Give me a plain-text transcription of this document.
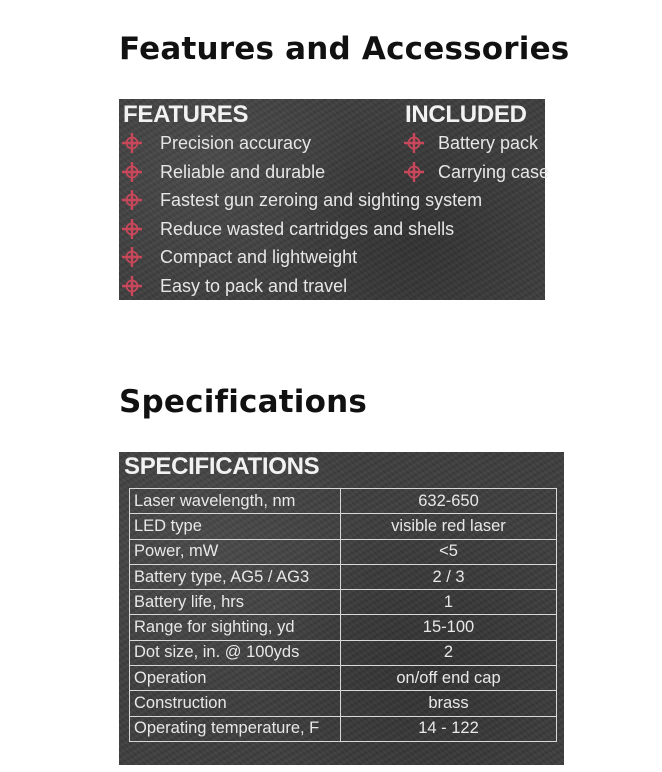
Features and Accessories
FEATURES	INCLUDED
Precision accuracy
Reliable and durable
Fastest gun zeroing and sighting system
Reduce wasted cartridges and shells
Compact and lightweight
Easy to pack and travel
Battery pack
Carrying case
Specifications
SPECIFICATIONS
Laser wavelength, nm	632-650
LED type	visible red laser
Power, mW	<5
Battery type, AG5 / AG3	2 / 3
Battery life, hrs	1
Range for sighting, yd	15-100
Dot size, in. @ 100yds	2
Operation	on/off end cap
Construction	brass
Operating temperature, F	14 - 122
